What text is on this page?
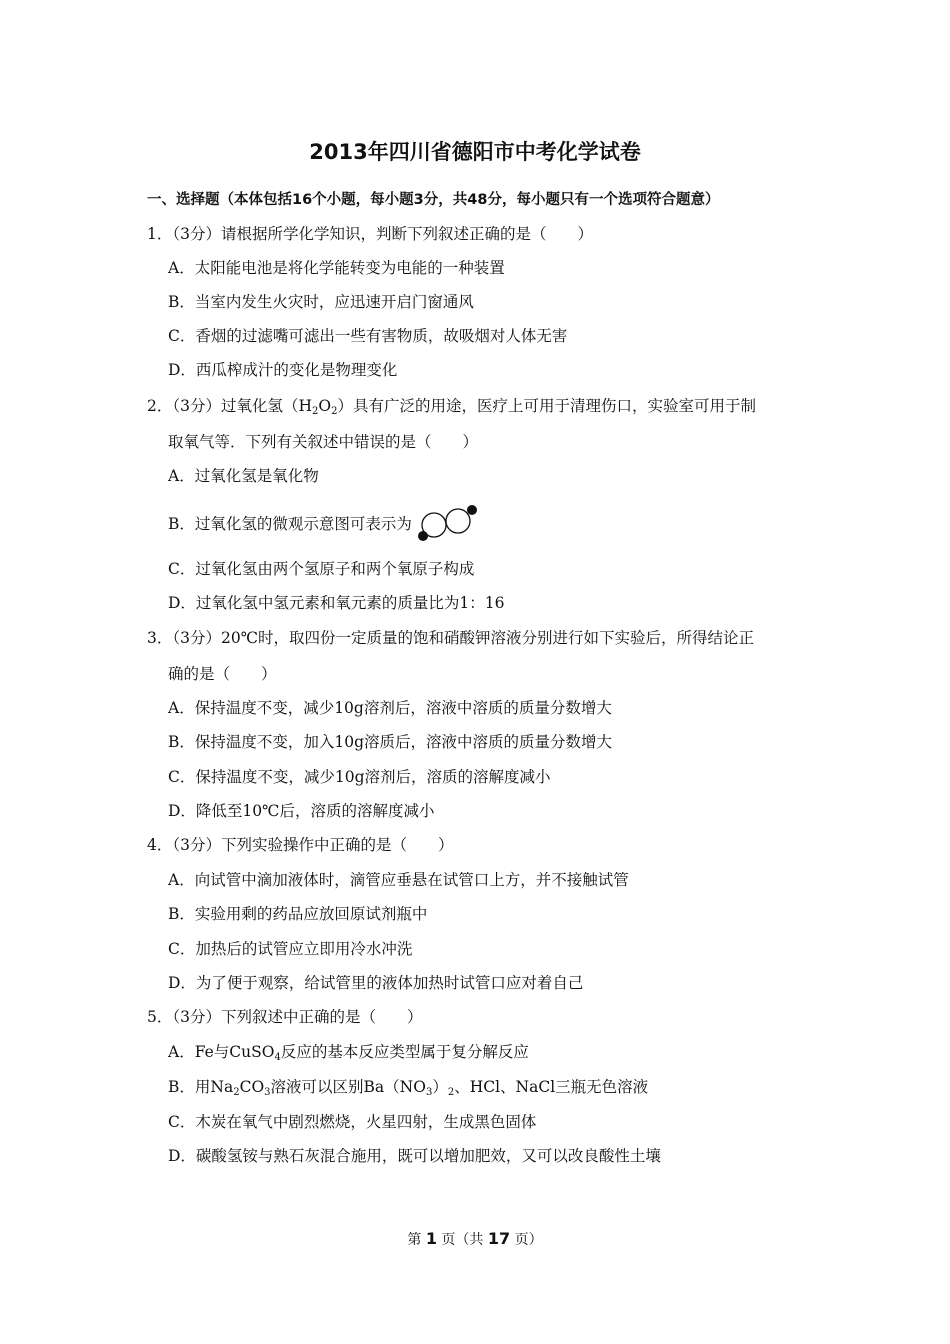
2013年四川省德阳市中考化学试卷
一、选择题（本体包括16个小题，每小题3分，共48分，每小题只有一个选项符合题意）
1．（3分）请根据所学化学知识，判断下列叙述正确的是（　　）
A．太阳能电池是将化学能转变为电能的一种装置
B．当室内发生火灾时，应迅速开启门窗通风
C．香烟的过滤嘴可滤出一些有害物质，故吸烟对人体无害
D．西瓜榨成汁的变化是物理变化
2．（3分）过氧化氢$(H_2O_2)$具有广泛的用途，医疗上可用于清理伤口，实验室可用于制
取氧气等．下列有关叙述中错误的是（　　）
A．过氧化氢是氧化物
B．过氧化氢的微观示意图可表示为
C．过氧化氢由两个氢原子和两个氧原子构成
D．过氧化氢中氢元素和氧元素的质量比为1：16
3．（3分）20℃时，取四份一定质量的饱和硝酸钾溶液分别进行如下实验后，所得结论正
确的是（　　）
A．保持温度不变，减少10g溶剂后，溶液中溶质的质量分数增大
B．保持温度不变，加入10g溶质后，溶液中溶质的质量分数增大
C．保持温度不变，减少10g溶剂后，溶质的溶解度减小
D．降低至10℃后，溶质的溶解度减小
4．（3分）下列实验操作中正确的是（　　）
A．向试管中滴加液体时，滴管应垂悬在试管口上方，并不接触试管
B．实验用剩的药品应放回原试剂瓶中
C．加热后的试管应立即用冷水冲洗
D．为了便于观察，给试管里的液体加热时试管口应对着自己
5．（3分）下列叙述中正确的是（　　）
A．Fe与CuSO$_4$反应的基本反应类型属于复分解反应
B．用$Na_2CO_3$溶液可以区别$Ba(NO_3)_2$、HCl、NaCl三瓶无色溶液
C．木炭在氧气中剧烈燃烧，火星四射，生成黑色固体
D．碳酸氢铵与熟石灰混合施用，既可以增加肥效，又可以改良酸性土壤
第 1 页（共 17 页）
